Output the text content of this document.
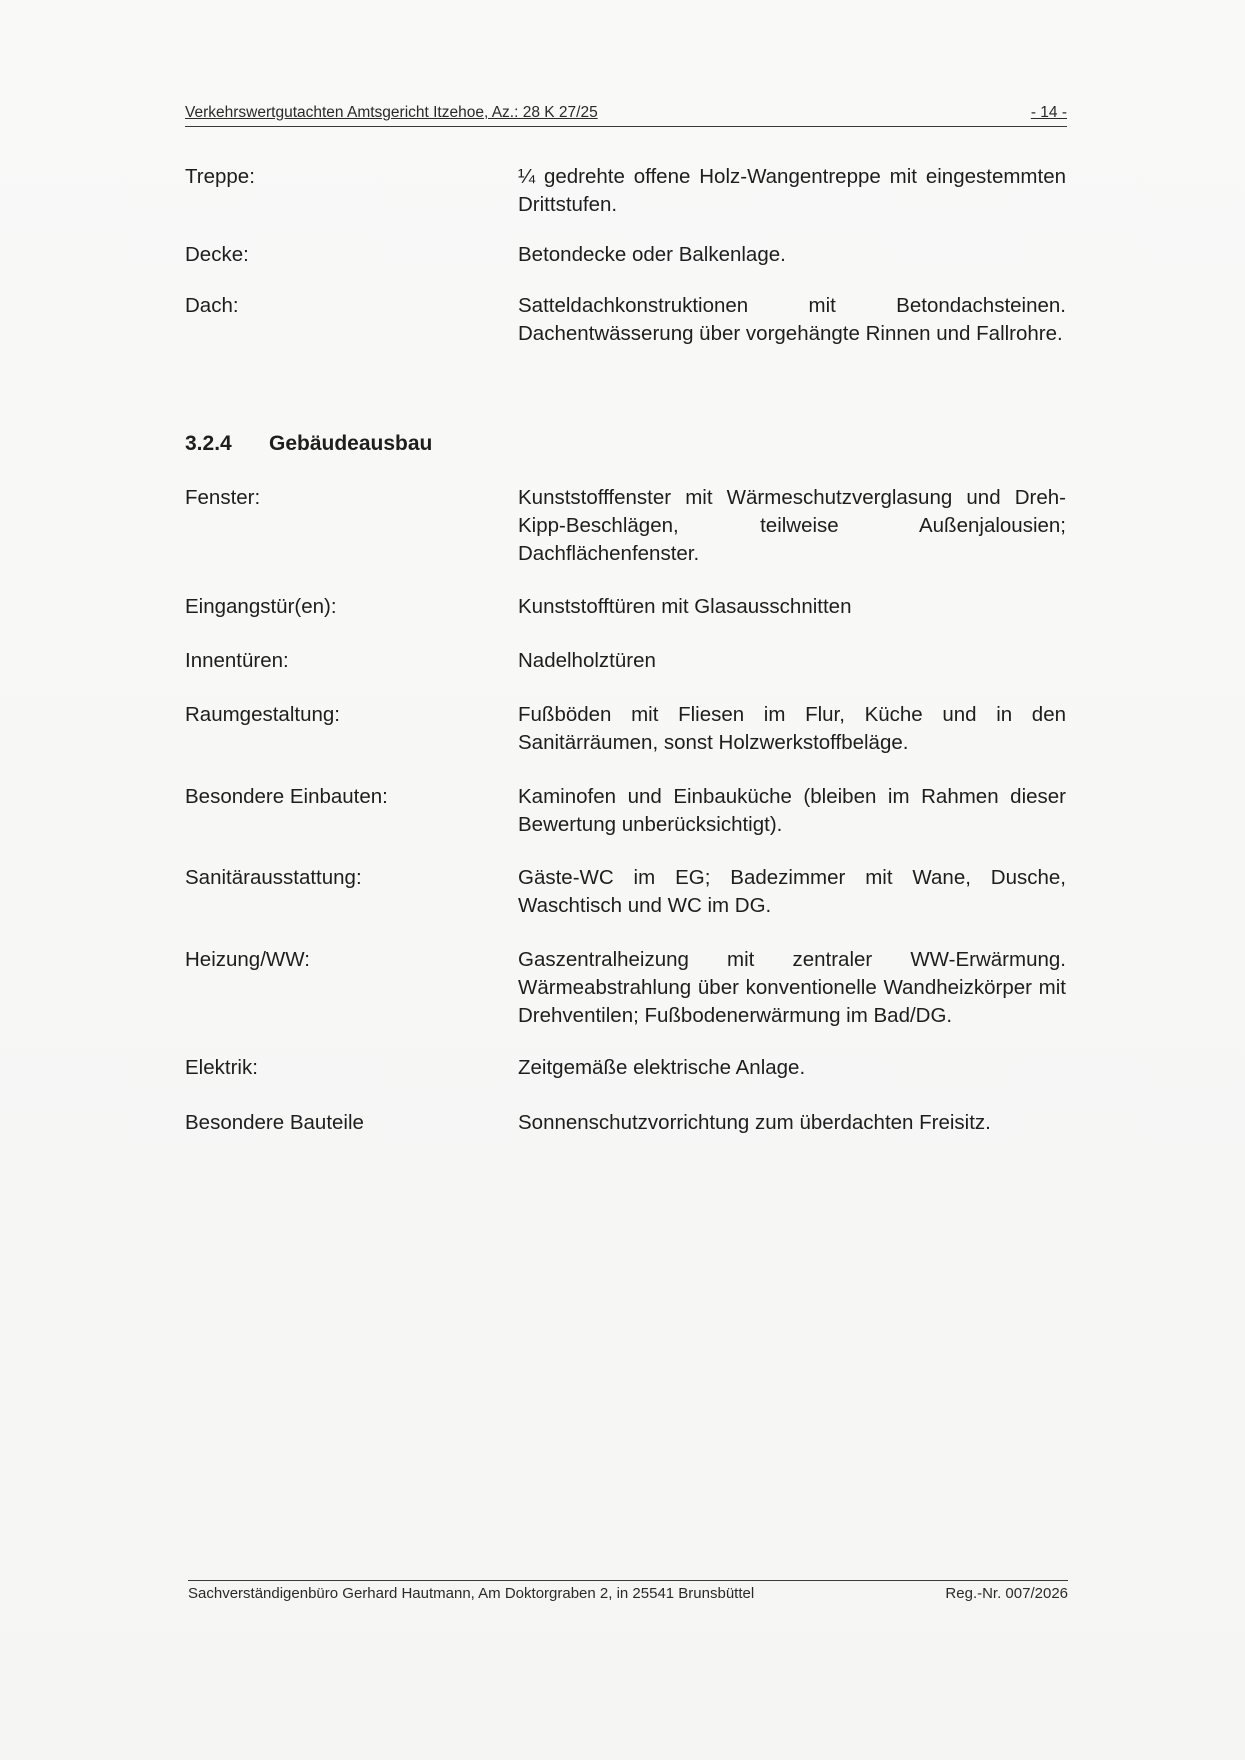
Verkehrswertgutachten Amtsgericht Itzehoe, Az.: 28 K 27/25	- 14 -
Treppe:	¼ gedrehte offene Holz-Wangentreppe mit eingestemmten Drittstufen.
Decke:	Betondecke oder Balkenlage.
Dach:	Satteldachkonstruktionen mit Betondachsteinen. Dachentwässerung über vorgehängte Rinnen und Fallrohre.
3.2.4 Gebäudeausbau
Fenster:	Kunststofffenster mit Wärmeschutzverglasung und Dreh-Kipp-Beschlägen, teilweise Außenjalousien; Dachflächenfenster.
Eingangstür(en):	Kunststofftüren mit Glasausschnitten
Innentüren:	Nadelholztüren
Raumgestaltung:	Fußböden mit Fliesen im Flur, Küche und in den Sanitärräumen, sonst Holzwerkstoffbeläge.
Besondere Einbauten:	Kaminofen und Einbauküche (bleiben im Rahmen dieser Bewertung unberücksichtigt).
Sanitärausstattung:	Gäste-WC im EG; Badezimmer mit Wane, Dusche, Waschtisch und WC im DG.
Heizung/WW:	Gaszentralheizung mit zentraler WW-Erwärmung. Wärmeabstrahlung über konventionelle Wandheizkörper mit Drehventilen; Fußbodenerwärmung im Bad/DG.
Elektrik:	Zeitgemäße elektrische Anlage.
Besondere Bauteile	Sonnenschutzvorrichtung zum überdachten Freisitz.
Sachverständigenbüro Gerhard Hautmann, Am Doktorgraben 2, in 25541 Brunsbüttel	Reg.-Nr. 007/2026
